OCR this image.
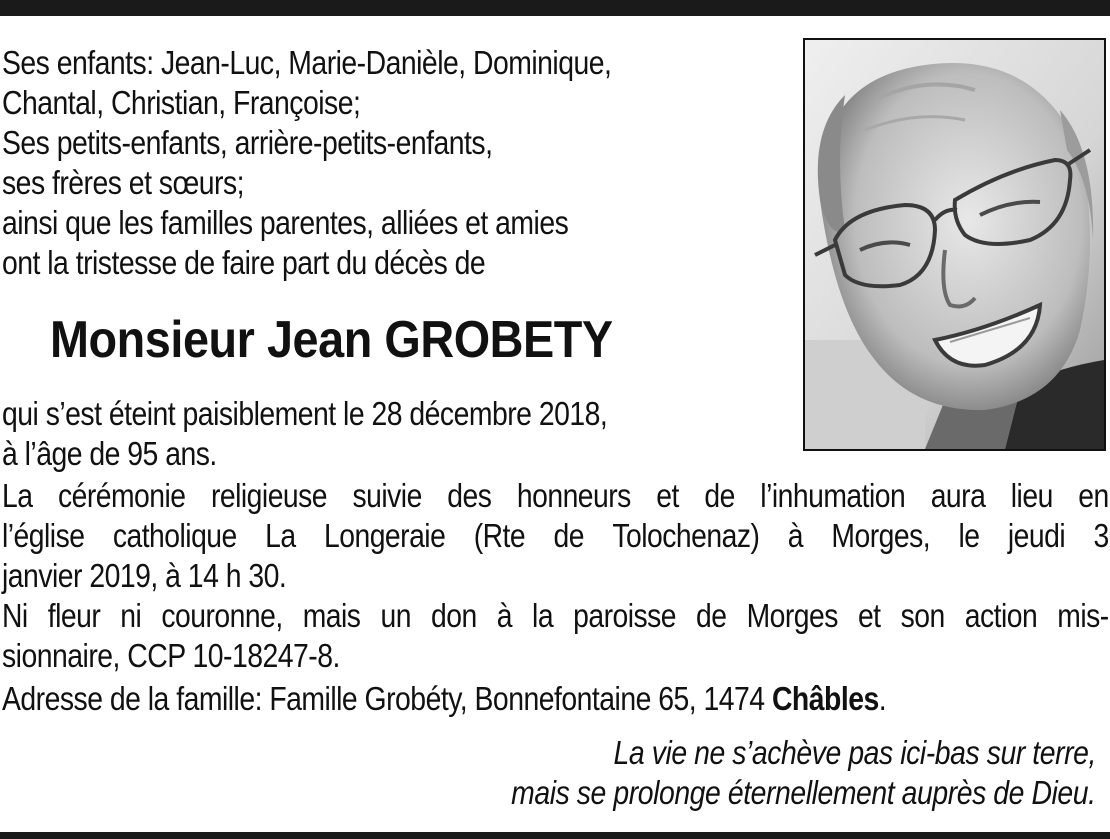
Ses enfants: Jean-Luc, Marie-Danièle, Dominique,
Chantal, Christian, Françoise;
Ses petits-enfants, arrière-petits-enfants,
ses frères et sœurs;
ainsi que les familles parentes, alliées et amies
ont la tristesse de faire part du décès de
Monsieur Jean GROBETY
qui s’est éteint paisiblement le 28 décembre 2018,
à l’âge de 95 ans.
La cérémonie religieuse suivie des honneurs et de l’inhumation aura lieu en
l’église catholique La Longeraie (Rte de Tolochenaz) à Morges, le jeudi 3
janvier 2019, à 14 h 30.
Ni fleur ni couronne, mais un don à la paroisse de Morges et son action mis-
sionnaire, CCP 10-18247-8.
Adresse de la famille: Famille Grobéty, Bonnefontaine 65, 1474 Châbles.
La vie ne s’achève pas ici-bas sur terre,
mais se prolonge éternellement auprès de Dieu.
